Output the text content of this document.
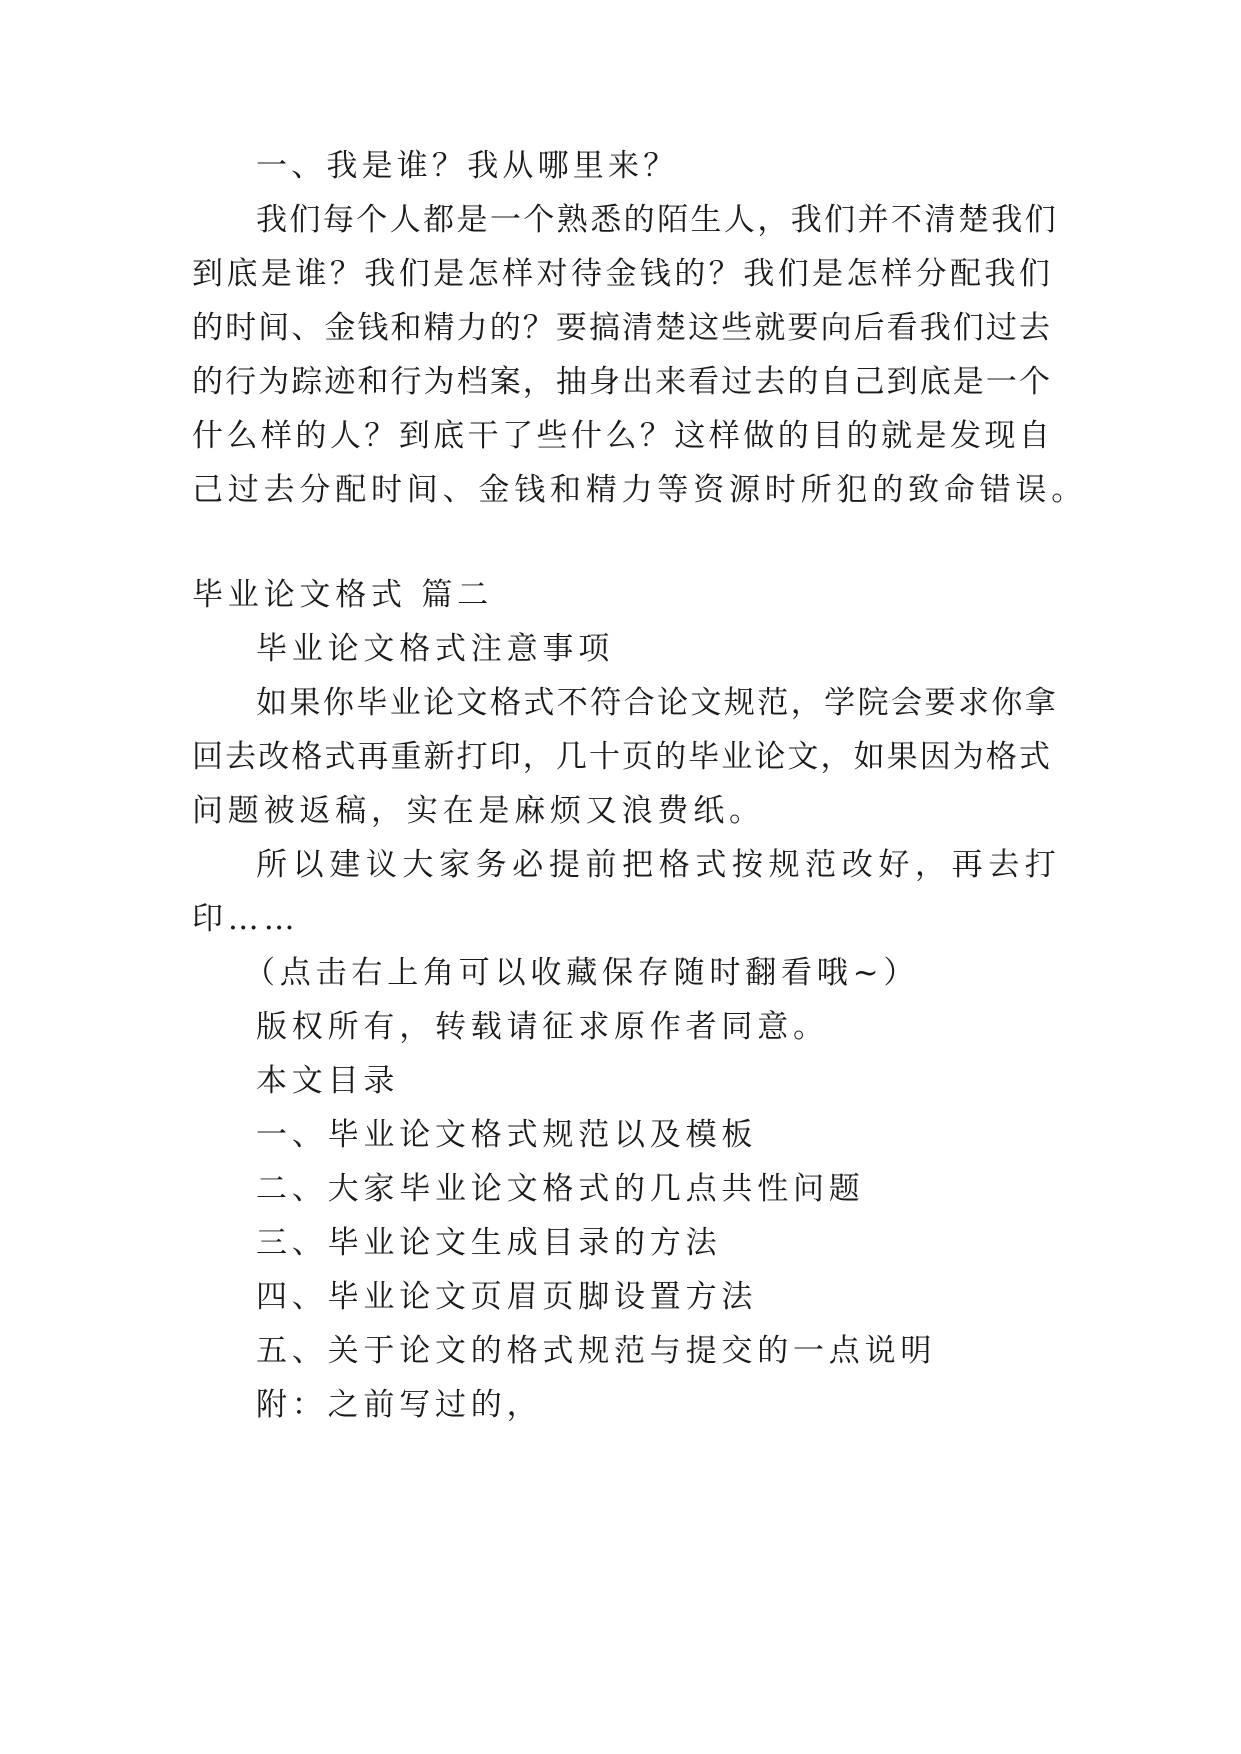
一、我是谁？我从哪里来？
我 们 每 个 人 都 是 一 个 熟 悉 的 陌 生 人 ， 我 们 并 不 清 楚 我 们
到 底 是 谁 ？ 我 们 是 怎 样 对 待 金 钱 的 ？ 我 们 是 怎 样 分 配 我 们
的 时 间 、 金 钱 和 精 力 的 ？ 要 搞 清 楚 这 些 就 要 向 后 看 我 们 过 去
的 行 为 踪 迹 和 行 为 档 案 ， 抽 身 出 来 看 过 去 的 自 己 到 底 是 一 个
什 么 样 的 人 ？ 到 底 干 了 些 什 么 ？ 这 样 做 的 目 的 就 是 发 现 自
己过去分配时间、金钱和精力等资源时所犯的致命错误。
毕业论文格式 篇二
毕业论文格式注意事项
如 果 你 毕 业 论 文 格 式 不 符 合 论 文 规 范 ， 学 院 会 要 求 你 拿
回 去 改 格 式 再 重 新 打 印 ， 几 十 页 的 毕 业 论 文 ， 如 果 因 为 格 式
问题被返稿，实在是麻烦又浪费纸。
所 以 建 议 大 家 务 必 提 前 把 格 式 按 规 范 改 好 ， 再 去 打
印……
（点击右上角可以收藏保存随时翻看哦~）
版权所有，转载请征求原作者同意。
本文目录
一、毕业论文格式规范以及模板
二、大家毕业论文格式的几点共性问题
三、毕业论文生成目录的方法
四、毕业论文页眉页脚设置方法
五、关于论文的格式规范与提交的一点说明
附：之前写过的，
